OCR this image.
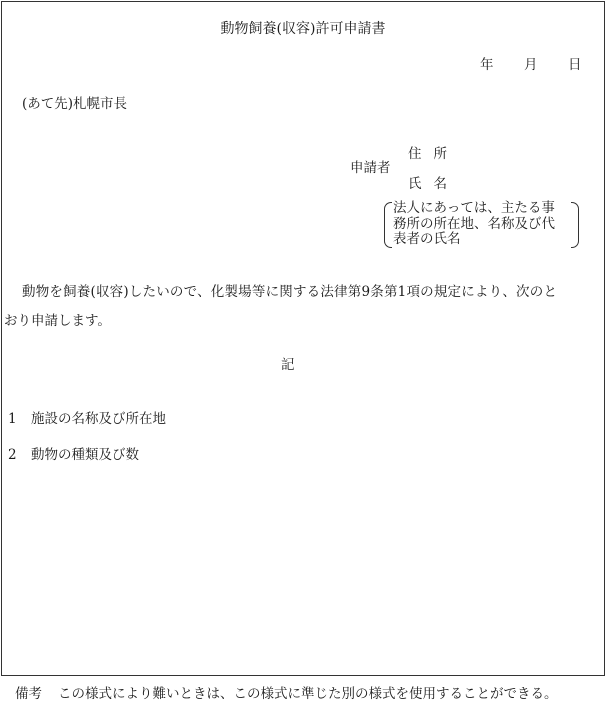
動物飼養(収容)許可申請書
年 月 日
(あて先)札幌市長
申請者
住所
氏名
法人にあっては、主たる事
務所の所在地、名称及び代
表者の氏名
動物を飼養(収容)したいので、化製場等に関する法律第9条第1項の規定により、次のと
おり申請します。
記
1 施設の名称及び所在地
2 動物の種類及び数
備考 この様式により難いときは、この様式に準じた別の様式を使用することができる。
